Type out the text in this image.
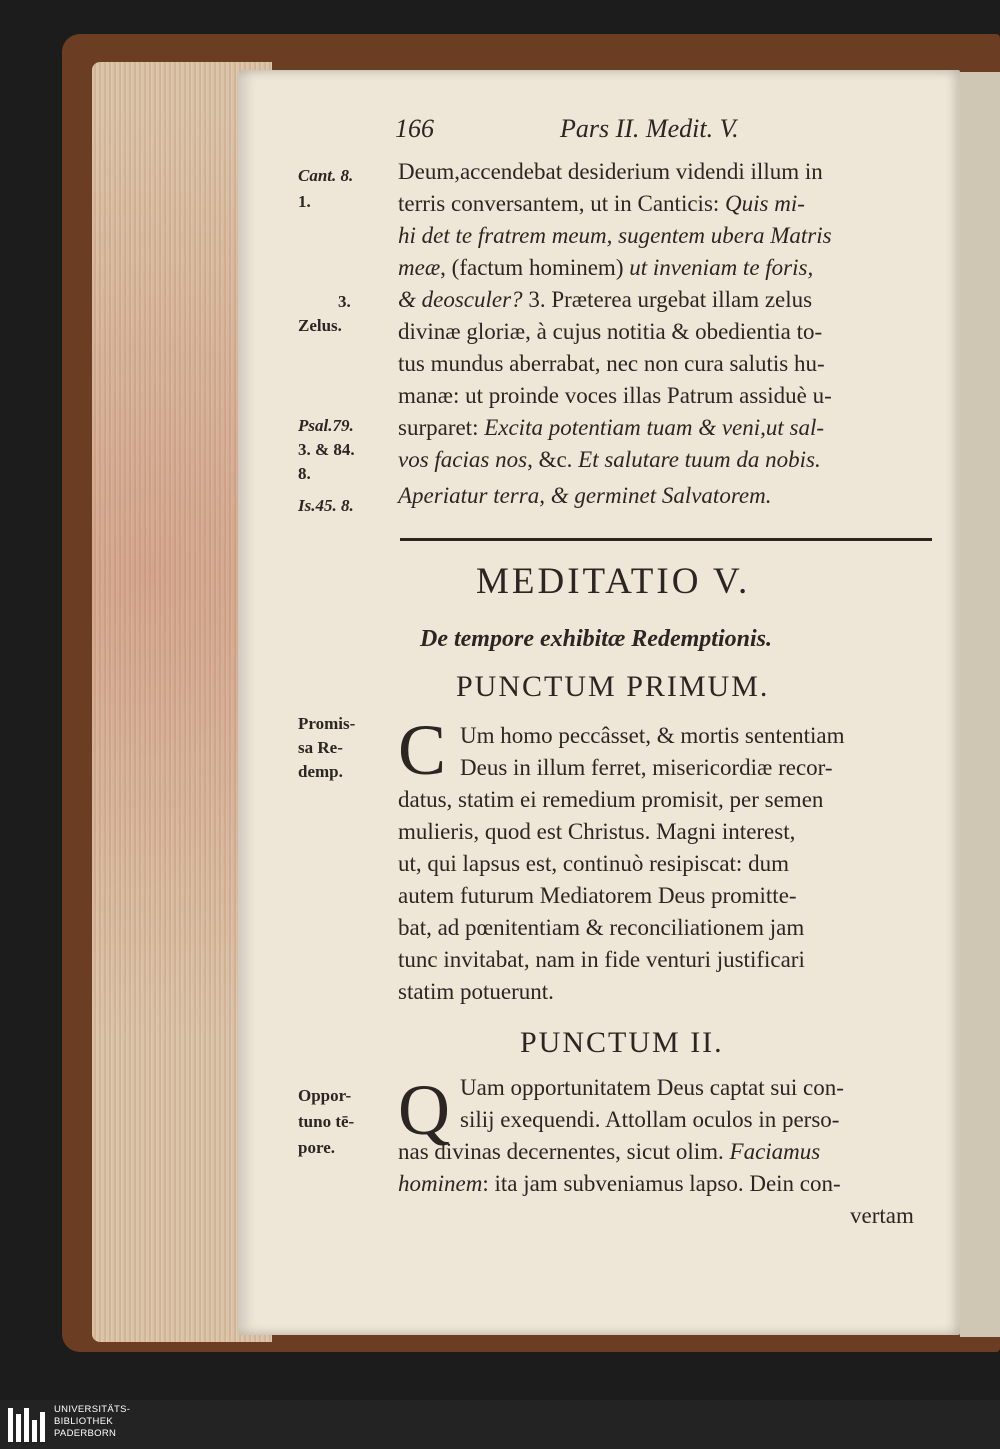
166	Pars II. Medit. V.
Cant. 8.
1.
3.
Zelus.
Psal.79.
3. & 84.
8.
Is.45. 8.
Deum,accendebat desiderium videndi illum in
terris conversantem, ut in Canticis: Quis mi-
hi det te fratrem meum, sugentem ubera Matris
meæ, (factum hominem) ut inveniam te foris,
& deosculer? 3. Præterea urgebat illam zelus
divinæ gloriæ, à cujus notitia & obedientia to-
tus mundus aberrabat, nec non cura salutis hu-
manæ: ut proinde voces illas Patrum assiduè u-
surparet: Excita potentiam tuam & veni,ut sal-
vos facias nos, &c. Et salutare tuum da nobis.
Aperiatur terra, & germinet Salvatorem.
MEDITATIO V.
De tempore exhibitæ Redemptionis.
PUNCTUM PRIMUM.
Promis-
sa Re-
demp. C Um homo peccâsset, & mortis sententiam
Deus in illum ferret, misericordiæ recor-
datus, statim ei remedium promisit, per semen
mulieris, quod est Christus. Magni interest,
ut, qui lapsus est, continuò resipiscat: dum
autem futurum Mediatorem Deus promitte-
bat, ad pœnitentiam & reconciliationem jam
tunc invitabat, nam in fide venturi justificari
statim potuerunt.
PUNCTUM II.
Oppor-
tuno tē-
pore. Q Uam opportunitatem Deus captat sui con-
silij exequendi. Attollam oculos in perso-
nas divinas decernentes, sicut olim. Faciamus
hominem: ita jam subveniamus lapso. Dein con-
vertam
UNIVERSITÄTS-
BIBLIOTHEK
PADERBORN
